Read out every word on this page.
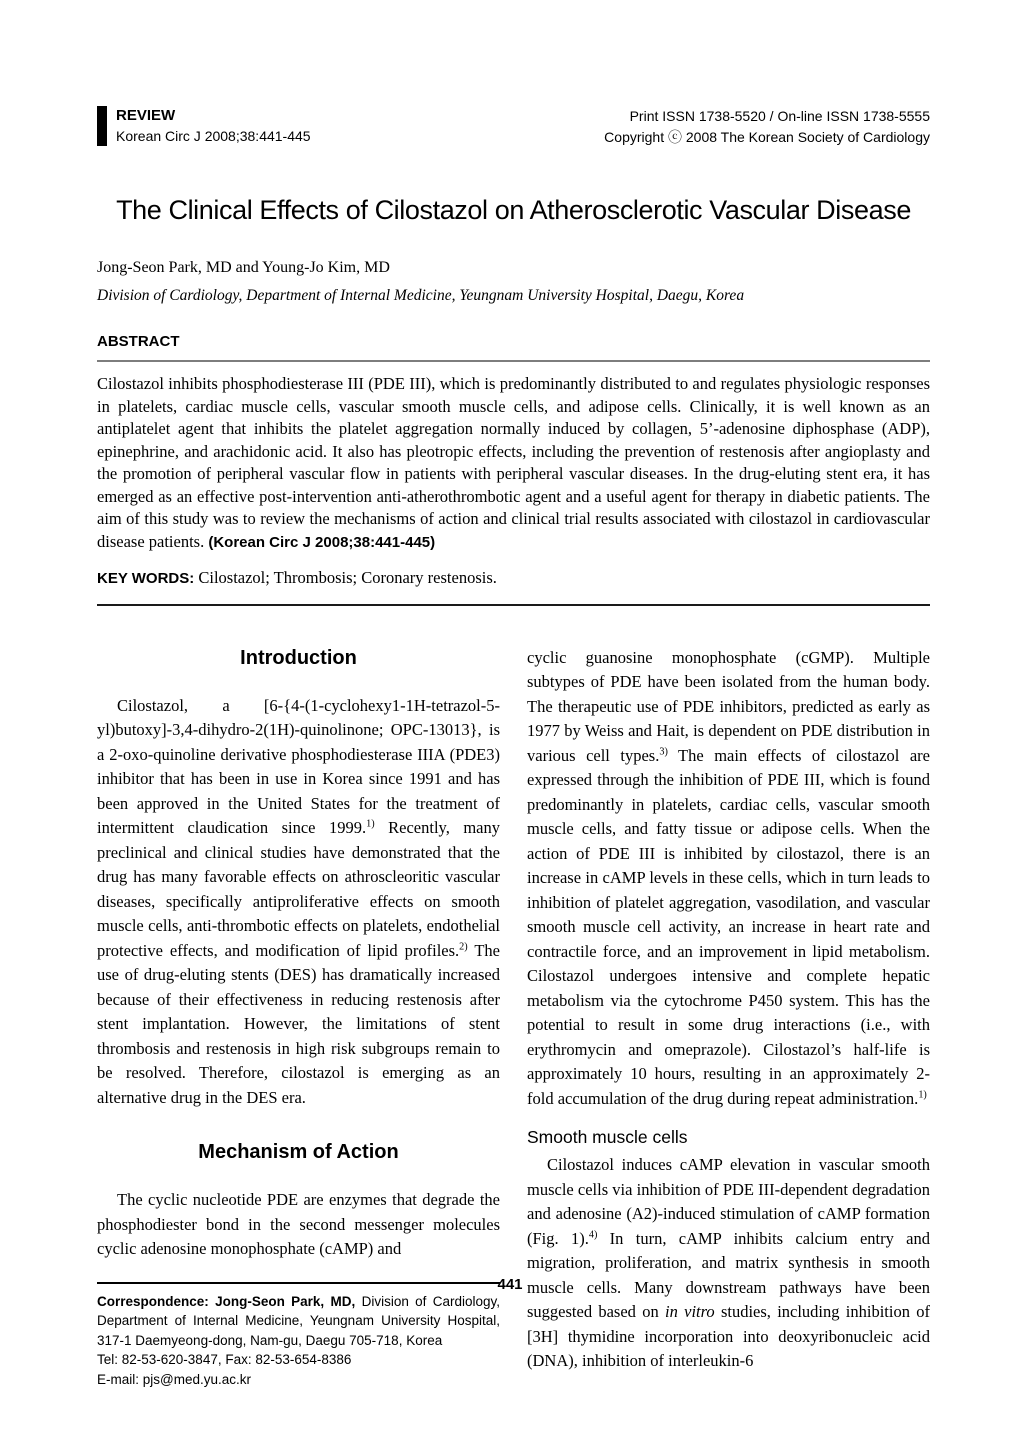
REVIEW
Korean Circ J 2008;38:441-445
Print ISSN 1738-5520 / On-line ISSN 1738-5555
Copyright ⓒ 2008 The Korean Society of Cardiology
The Clinical Effects of Cilostazol on Atherosclerotic Vascular Disease
Jong-Seon Park, MD and Young-Jo Kim, MD
Division of Cardiology, Department of Internal Medicine, Yeungnam University Hospital, Daegu, Korea
ABSTRACT

Cilostazol inhibits phosphodiesterase III (PDE III), which is predominantly distributed to and regulates physiologic responses in platelets, cardiac muscle cells, vascular smooth muscle cells, and adipose cells. Clinically, it is well known as an antiplatelet agent that inhibits the platelet aggregation normally induced by collagen, 5’-adenosine diphosphase (ADP), epinephrine, and arachidonic acid. It also has pleotropic effects, including the prevention of restenosis after angioplasty and the promotion of peripheral vascular flow in patients with peripheral vascular diseases. In the drug-eluting stent era, it has emerged as an effective post-intervention anti-atherothrombotic agent and a useful agent for therapy in diabetic patients. The aim of this study was to review the mechanisms of action and clinical trial results associated with cilostazol in cardiovascular disease patients. (Korean Circ J 2008;38:441-445)

KEY WORDS: Cilostazol; Thrombosis; Coronary restenosis.

Introduction

Cilostazol, a [6-{4-(1-cyclohexy1-1H-tetrazol-5-yl)butoxy]-3,4-dihydro-2(1H)-quinolinone; OPC-13013}, is a 2-oxo-quinoline derivative phosphodiesterase IIIA (PDE3) inhibitor that has been in use in Korea since 1991 and has been approved in the United States for the treatment of intermittent claudication since 1999.$^{1)}$ Recently, many preclinical and clinical studies have demonstrated that the drug has many favorable effects on athroscleoritic vascular diseases, specifically antiproliferative effects on smooth muscle cells, anti-thrombotic effects on platelets, endothelial protective effects, and modification of lipid profiles.$^{2)}$ The use of drug-eluting stents (DES) has dramatically increased because of their effectiveness in reducing restenosis after stent implantation. However, the limitations of stent thrombosis and restenosis in high risk subgroups remain to be resolved. Therefore, cilostazol is emerging as an alternative drug in the DES era.

Mechanism of Action

The cyclic nucleotide PDE are enzymes that degrade the phosphodiester bond in the second messenger molecules cyclic adenosine monophosphate (cAMP) and

Correspondence: Jong-Seon Park, MD, Division of Cardiology, Department of Internal Medicine, Yeungnam University Hospital, 317-1 Daemyeong-dong, Nam-gu, Daegu 705-718, Korea
Tel: 82-53-620-3847, Fax: 82-53-654-8386
E-mail: pjs@med.yu.ac.kr

cyclic guanosine monophosphate (cGMP). Multiple subtypes of PDE have been isolated from the human body. The therapeutic use of PDE inhibitors, predicted as early as 1977 by Weiss and Hait, is dependent on PDE distribution in various cell types.$^{3)}$ The main effects of cilostazol are expressed through the inhibition of PDE III, which is found predominantly in platelets, cardiac cells, vascular smooth muscle cells, and fatty tissue or adipose cells. When the action of PDE III is inhibited by cilostazol, there is an increase in cAMP levels in these cells, which in turn leads to inhibition of platelet aggregation, vasodilation, and vascular smooth muscle cell activity, an increase in heart rate and contractile force, and an improvement in lipid metabolism. Cilostazol undergoes intensive and complete hepatic metabolism via the cytochrome P450 system. This has the potential to result in some drug interactions (i.e., with erythromycin and omeprazole). Cilostazol’s half-life is approximately 10 hours, resulting in an approximately 2-fold accumulation of the drug during repeat administration.$^{1)}$

Smooth muscle cells

Cilostazol induces cAMP elevation in vascular smooth muscle cells via inhibition of PDE III-dependent degradation and adenosine (A2)-induced stimulation of cAMP formation (Fig. 1).$^{4)}$ In turn, cAMP inhibits calcium entry and migration, proliferation, and matrix synthesis in smooth muscle cells. Many downstream pathways have been suggested based on in vitro studies, including inhibition of [3H] thymidine incorporation into deoxyribonucleic acid (DNA), inhibition of interleukin-6

441
